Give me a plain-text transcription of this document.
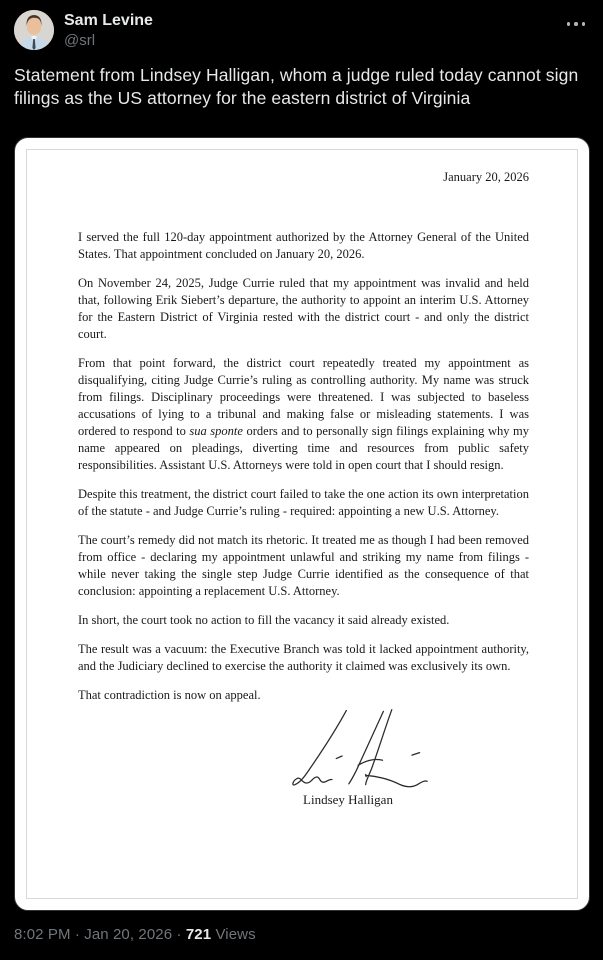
Sam Levine
@srl
Statement from Lindsey Halligan, whom a judge ruled today cannot sign filings as the US attorney for the eastern district of Virginia
January 20, 2026

I served the full 120-day appointment authorized by the Attorney General of the United States. That appointment concluded on January 20, 2026.

On November 24, 2025, Judge Currie ruled that my appointment was invalid and held that, following Erik Siebert’s departure, the authority to appoint an interim U.S. Attorney for the Eastern District of Virginia rested with the district court - and only the district court.

From that point forward, the district court repeatedly treated my appointment as disqualifying, citing Judge Currie’s ruling as controlling authority. My name was struck from filings. Disciplinary proceedings were threatened. I was subjected to baseless accusations of lying to a tribunal and making false or misleading statements. I was ordered to respond to sua sponte orders and to personally sign filings explaining why my name appeared on pleadings, diverting time and resources from public safety responsibilities. Assistant U.S. Attorneys were told in open court that I should resign.

Despite this treatment, the district court failed to take the one action its own interpretation of the statute - and Judge Currie’s ruling - required: appointing a new U.S. Attorney.

The court’s remedy did not match its rhetoric. It treated me as though I had been removed from office - declaring my appointment unlawful and striking my name from filings - while never taking the single step Judge Currie identified as the consequence of that conclusion: appointing a replacement U.S. Attorney.

In short, the court took no action to fill the vacancy it said already existed.

The result was a vacuum: the Executive Branch was told it lacked appointment authority, and the Judiciary declined to exercise the authority it claimed was exclusively its own.

That contradiction is now on appeal.

Lindsey Halligan
8:02 PM · Jan 20, 2026 · 721 Views
